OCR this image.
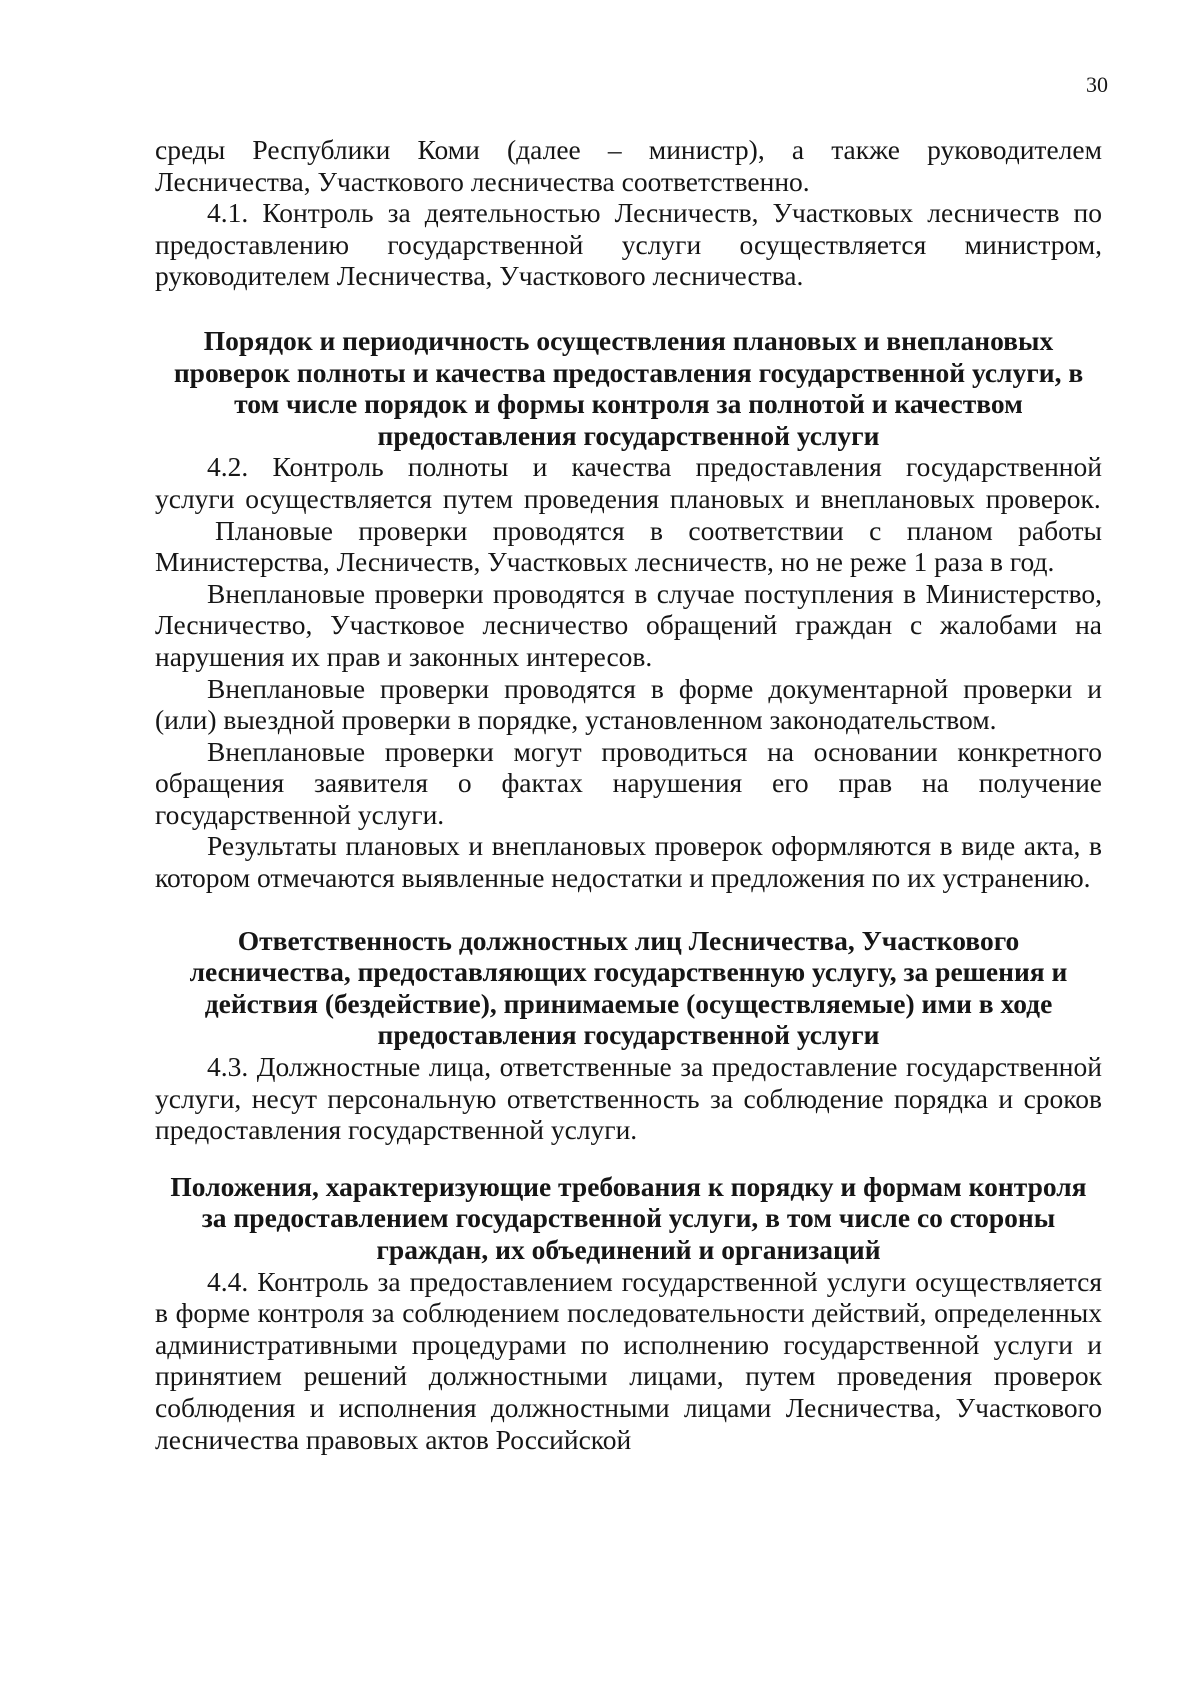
30

среды Республики Коми (далее – министр), а также руководителем Лесничества, Участкового лесничества соответственно.

4.1. Контроль за деятельностью Лесничеств, Участковых лесничеств по предоставлению государственной услуги осуществляется министром, руководителем Лесничества, Участкового лесничества.

Порядок и периодичность осуществления плановых и внеплановых проверок полноты и качества предоставления государственной услуги, в том числе порядок и формы контроля за полнотой и качеством предоставления государственной услуги

4.2. Контроль полноты и качества предоставления государственной услуги осуществляется путем проведения плановых и внеплановых проверок.

Плановые проверки проводятся в соответствии с планом работы Министерства, Лесничеств, Участковых лесничеств, но не реже 1 раза в год.

Внеплановые проверки проводятся в случае поступления в Министерство, Лесничество, Участковое лесничество обращений граждан с жалобами на нарушения их прав и законных интересов.

Внеплановые проверки проводятся в форме документарной проверки и (или) выездной проверки в порядке, установленном законодательством.

Внеплановые проверки могут проводиться на основании конкретного обращения заявителя о фактах нарушения его прав на получение государственной услуги.

Результаты плановых и внеплановых проверок оформляются в виде акта, в котором отмечаются выявленные недостатки и предложения по их устранению.

Ответственность должностных лиц Лесничества, Участкового лесничества, предоставляющих государственную услугу, за решения и действия (бездействие), принимаемые (осуществляемые) ими в ходе предоставления государственной услуги

4.3. Должностные лица, ответственные за предоставление государственной услуги, несут персональную ответственность за соблюдение порядка и сроков предоставления государственной услуги.

Положения, характеризующие требования к порядку и формам контроля за предоставлением государственной услуги, в том числе со стороны граждан, их объединений и организаций

4.4. Контроль за предоставлением государственной услуги осуществляется в форме контроля за соблюдением последовательности действий, определенных административными процедурами по исполнению государственной услуги и принятием решений должностными лицами, путем проведения проверок соблюдения и исполнения должностными лицами Лесничества, Участкового лесничества правовых актов Российской
